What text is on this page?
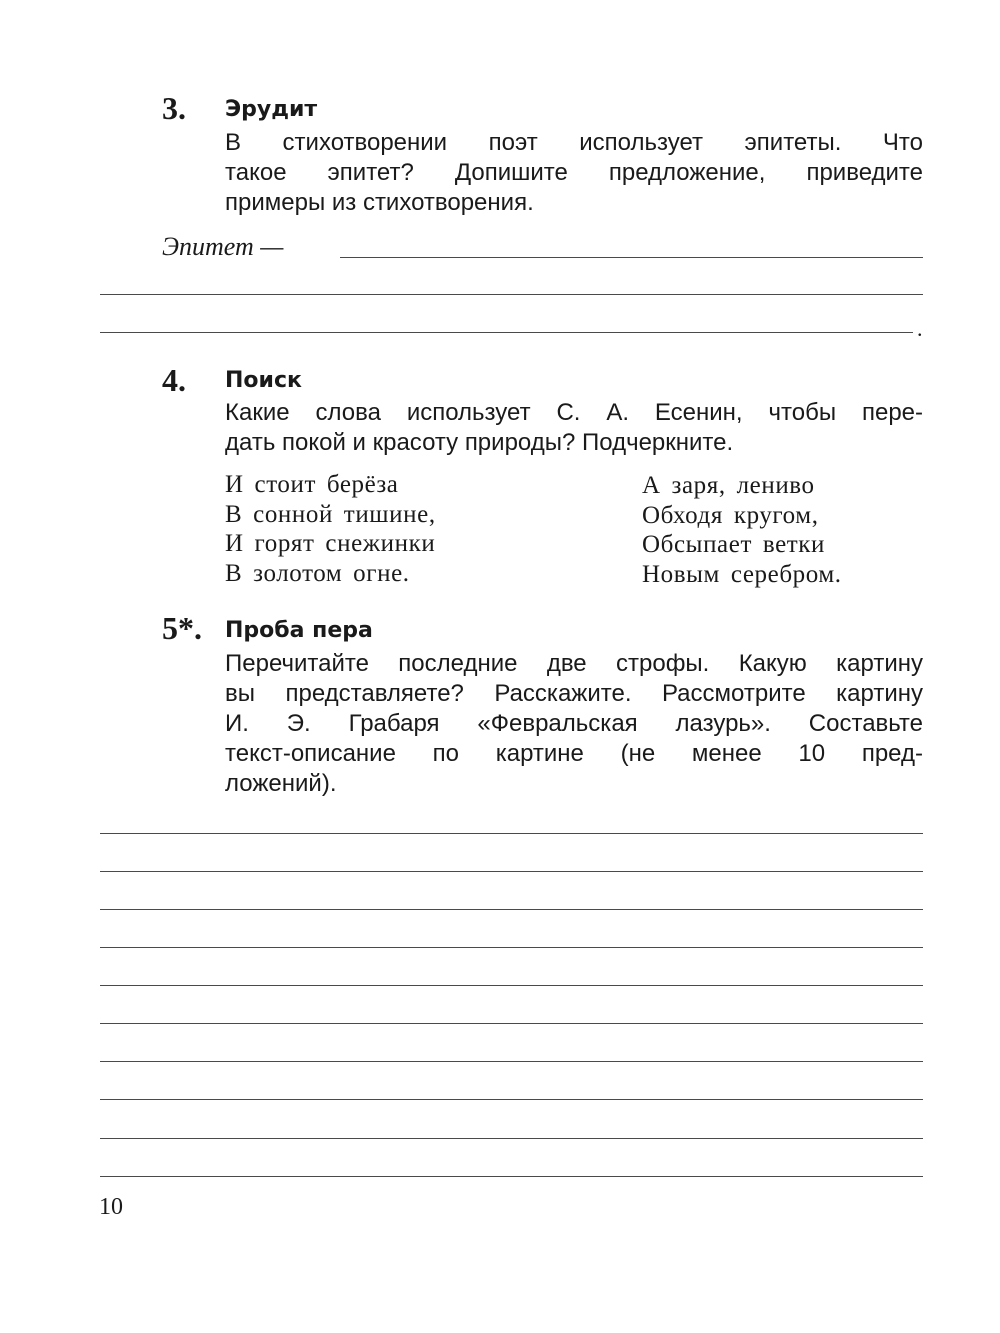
3. Эрудит
В стихотворении поэт использует эпитеты. Что
такое эпитет? Допишите предложение, приведите
примеры из стихотворения.
Эпитет —
.
4. Поиск
Какие слова использует С. А. Есенин, чтобы пере-
дать покой и красоту природы? Подчеркните.
И стоит берёза
В сонной тишине,
И горят снежинки
В золотом огне.
А заря, лениво
Обходя кругом,
Обсыпает ветки
Новым серебром.
5*. Проба пера
Перечитайте последние две строфы. Какую картину
вы представляете? Расскажите. Рассмотрите картину
И. Э. Грабаря «Февральская лазурь». Составьте
текст-описание по картине (не менее 10 пред-
ложений).
10
